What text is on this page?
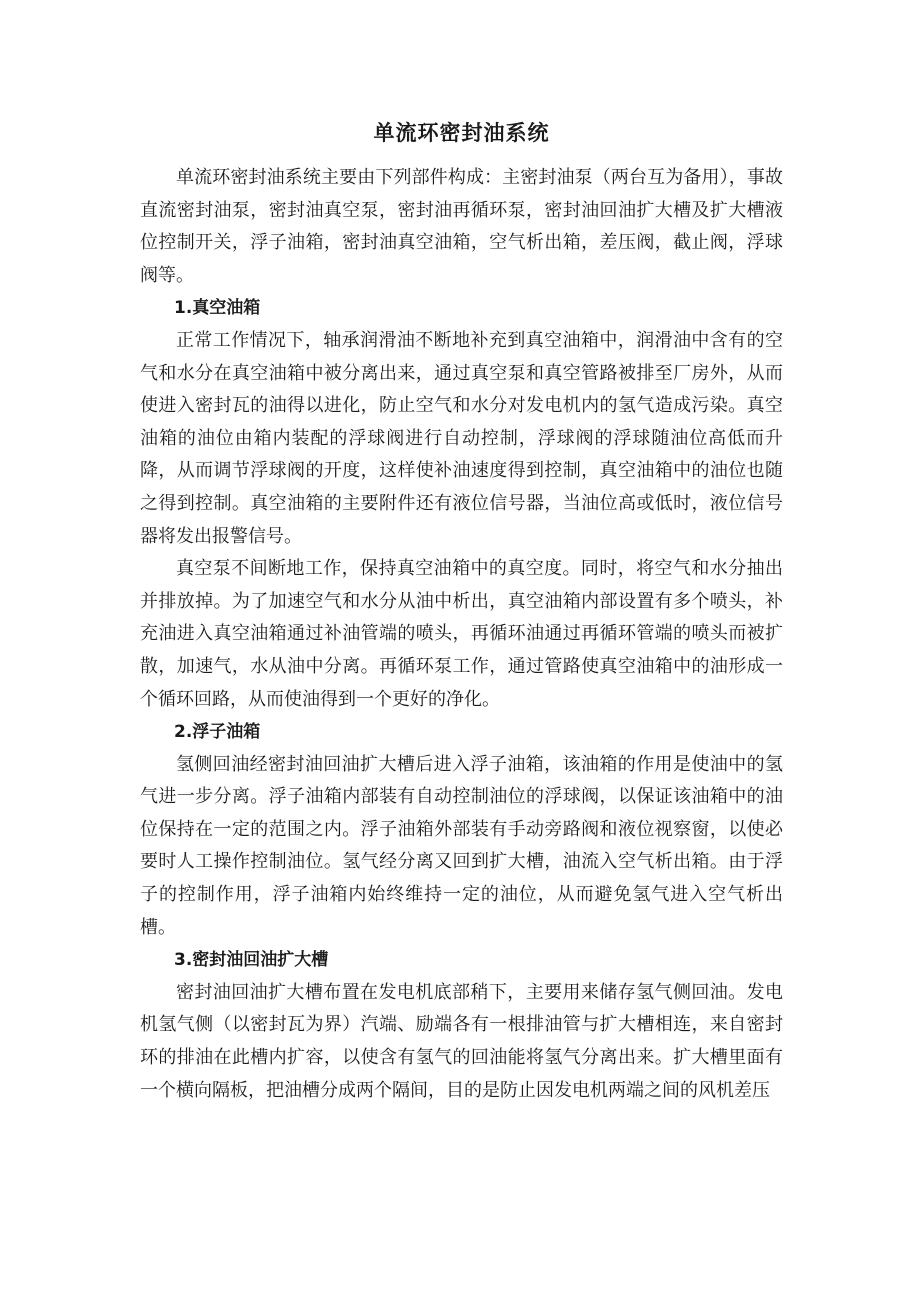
单流环密封油系统

单流环密封油系统主要由下列部件构成：主密封油泵（两台互为备用），事故直流密封油泵，密封油真空泵，密封油再循环泵，密封油回油扩大槽及扩大槽液位控制开关，浮子油箱，密封油真空油箱，空气析出箱，差压阀，截止阀，浮球阀等。

1.真空油箱

正常工作情况下，轴承润滑油不断地补充到真空油箱中，润滑油中含有的空气和水分在真空油箱中被分离出来，通过真空泵和真空管路被排至厂房外，从而使进入密封瓦的油得以进化，防止空气和水分对发电机内的氢气造成污染。真空油箱的油位由箱内装配的浮球阀进行自动控制，浮球阀的浮球随油位高低而升降，从而调节浮球阀的开度，这样使补油速度得到控制，真空油箱中的油位也随之得到控制。真空油箱的主要附件还有液位信号器，当油位高或低时，液位信号器将发出报警信号。

真空泵不间断地工作，保持真空油箱中的真空度。同时，将空气和水分抽出并排放掉。为了加速空气和水分从油中析出，真空油箱内部设置有多个喷头，补充油进入真空油箱通过补油管端的喷头，再循环油通过再循环管端的喷头而被扩散，加速气，水从油中分离。再循环泵工作，通过管路使真空油箱中的油形成一个循环回路，从而使油得到一个更好的净化。

2.浮子油箱

氢侧回油经密封油回油扩大槽后进入浮子油箱，该油箱的作用是使油中的氢气进一步分离。浮子油箱内部装有自动控制油位的浮球阀，以保证该油箱中的油位保持在一定的范围之内。浮子油箱外部装有手动旁路阀和液位视察窗，以使必要时人工操作控制油位。氢气经分离又回到扩大槽，油流入空气析出箱。由于浮子的控制作用，浮子油箱内始终维持一定的油位，从而避免氢气进入空气析出槽。

3.密封油回油扩大槽

密封油回油扩大槽布置在发电机底部稍下，主要用来储存氢气侧回油。发电机氢气侧（以密封瓦为界）汽端、励端各有一根排油管与扩大槽相连，来自密封环的排油在此槽内扩容，以使含有氢气的回油能将氢气分离出来。扩大槽里面有一个横向隔板，把油槽分成两个隔间，目的是防止因发电机两端之间的风机差压
